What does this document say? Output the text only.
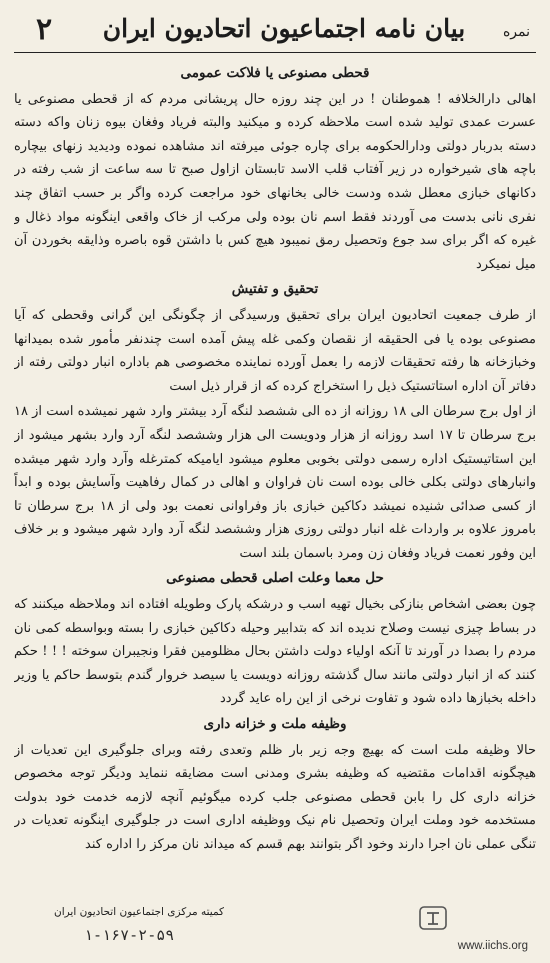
۲	بیان نامه اجتماعیون اتحادیون ایران	نمره
قحطی مصنوعی یا فلاکت عمومی

اهالی دارالخلافه ! هموطنان ! در این چند روزه حال پریشانی مردم که از قحطی مصنوعی یا عسرت عمدی تولید شده است ملاحظه کرده و میکنید والبته فریاد وفغان بیوه زنان واکه دسته دسته بدربار دولتی ودارالحکومه برای چاره جوئی میرفته اند مشاهده نموده ودیدید زنهای بیچاره باچه های شیرخواره در زیر آفتاب قلب الاسد تابستان ازاول صبح تا سه ساعت از شب رفته در دکانهای خبازی معطل شده ودست خالی بخانهای خود مراجعت کرده واگر بر حسب اتفاق چند نفری نانی بدست می آوردند فقط اسم نان بوده ولی مرکب از خاک واقعی اینگونه مواد ذغال و غیره که اگر برای سد جوع وتحصیل رمق نمیبود هیچ کس با داشتن قوه باصره وذایقه بخوردن آن میل نمیکرد

تحقیق و تفتیش

از طرف جمعیت اتحادیون ایران برای تحقیق ورسیدگی از چگونگی این گرانی وقحطی که آیا مصنوعی بوده یا فی الحقیقه از نقصان وکمی غله پیش آمده است چندنفر مأمور شده بمیدانها وخبازخانه ها رفته تحقیقات لازمه را بعمل آورده نماینده مخصوصی هم باداره انبار دولتی رفته از دفاتر آن اداره استاتستیک ذیل را استخراج کرده که از قرار ذیل است

از اول برج سرطان الی ۱۸ روزانه از ده الی ششصد لنگه آرد بیشتر وارد شهر نمیشده است از ۱۸ برج سرطان تا ۱۷ اسد روزانه از هزار ودویست الی هزار وششصد لنگه آرد وارد بشهر میشود از این استاتیستیک اداره رسمی دولتی بخوبی معلوم میشود ایامیکه کمترغله وآرد وارد شهر میشده وانبارهای دولتی بکلی خالی بوده است نان فراوان و اهالی در کمال رفاهیت وآسایش بوده و ابداً از کسی صدائی شنیده نمیشد دکاکین خبازی باز وفراوانی نعمت بود ولی از ۱۸ برج سرطان تا بامروز علاوه بر واردات غله انبار دولتی روزی هزار وششصد لنگه آرد وارد شهر میشود و بر خلاف این وفور نعمت فریاد وفغان زن ومرد باسمان بلند است

حل معما وعلت اصلی قحطی مصنوعی

چون بعضی اشخاص بنازکی بخیال تهیه اسب و درشکه پارک وطویله افتاده اند وملاحظه میکنند که در بساط چیزی نیست وصلاح ندیده اند که بتدابیر وحیله دکاکین خبازی را بسته وبواسطه کمی نان مردم را بصدا در آورند تا آنکه اولیاء دولت داشتن بحال مظلومین فقرا ونجیبران سوخته ! ! ! حکم کنند که از انبار دولتی مانند سال گذشته روزانه دویست یا سیصد خروار گندم بتوسط حاکم یا وزیر داخله بخبازها داده شود و تفاوت نرخی از این راه عاید گردد

وظیفه ملت و خزانه داری

حالا وظیفه ملت است که بهیچ وجه زیر بار ظلم وتعدی رفته وبرای جلوگیری این تعدیات از هیچگونه اقدامات مقتضیه که وظیفه بشری ومدنی است مضایقه ننماید ودیگر توجه مخصوص خزانه داری کل را بابن قحطی مصنوعی جلب کرده میگوئیم آنچه لازمه خدمت خود بدولت مستخدمه خود وملت ایران وتحصیل نام نیک ووظیفه اداری است در جلوگیری اینگونه تعدیات در تنگی عملی نان اجرا دارند وخود اگر بتوانند بهم قسم که میداند نان مرکز را اداره کند

کمیته مرکزی اجتماعیون اتحادیون ایران
۱-۱۶۷-۲-۵۹
www.iichs.org
